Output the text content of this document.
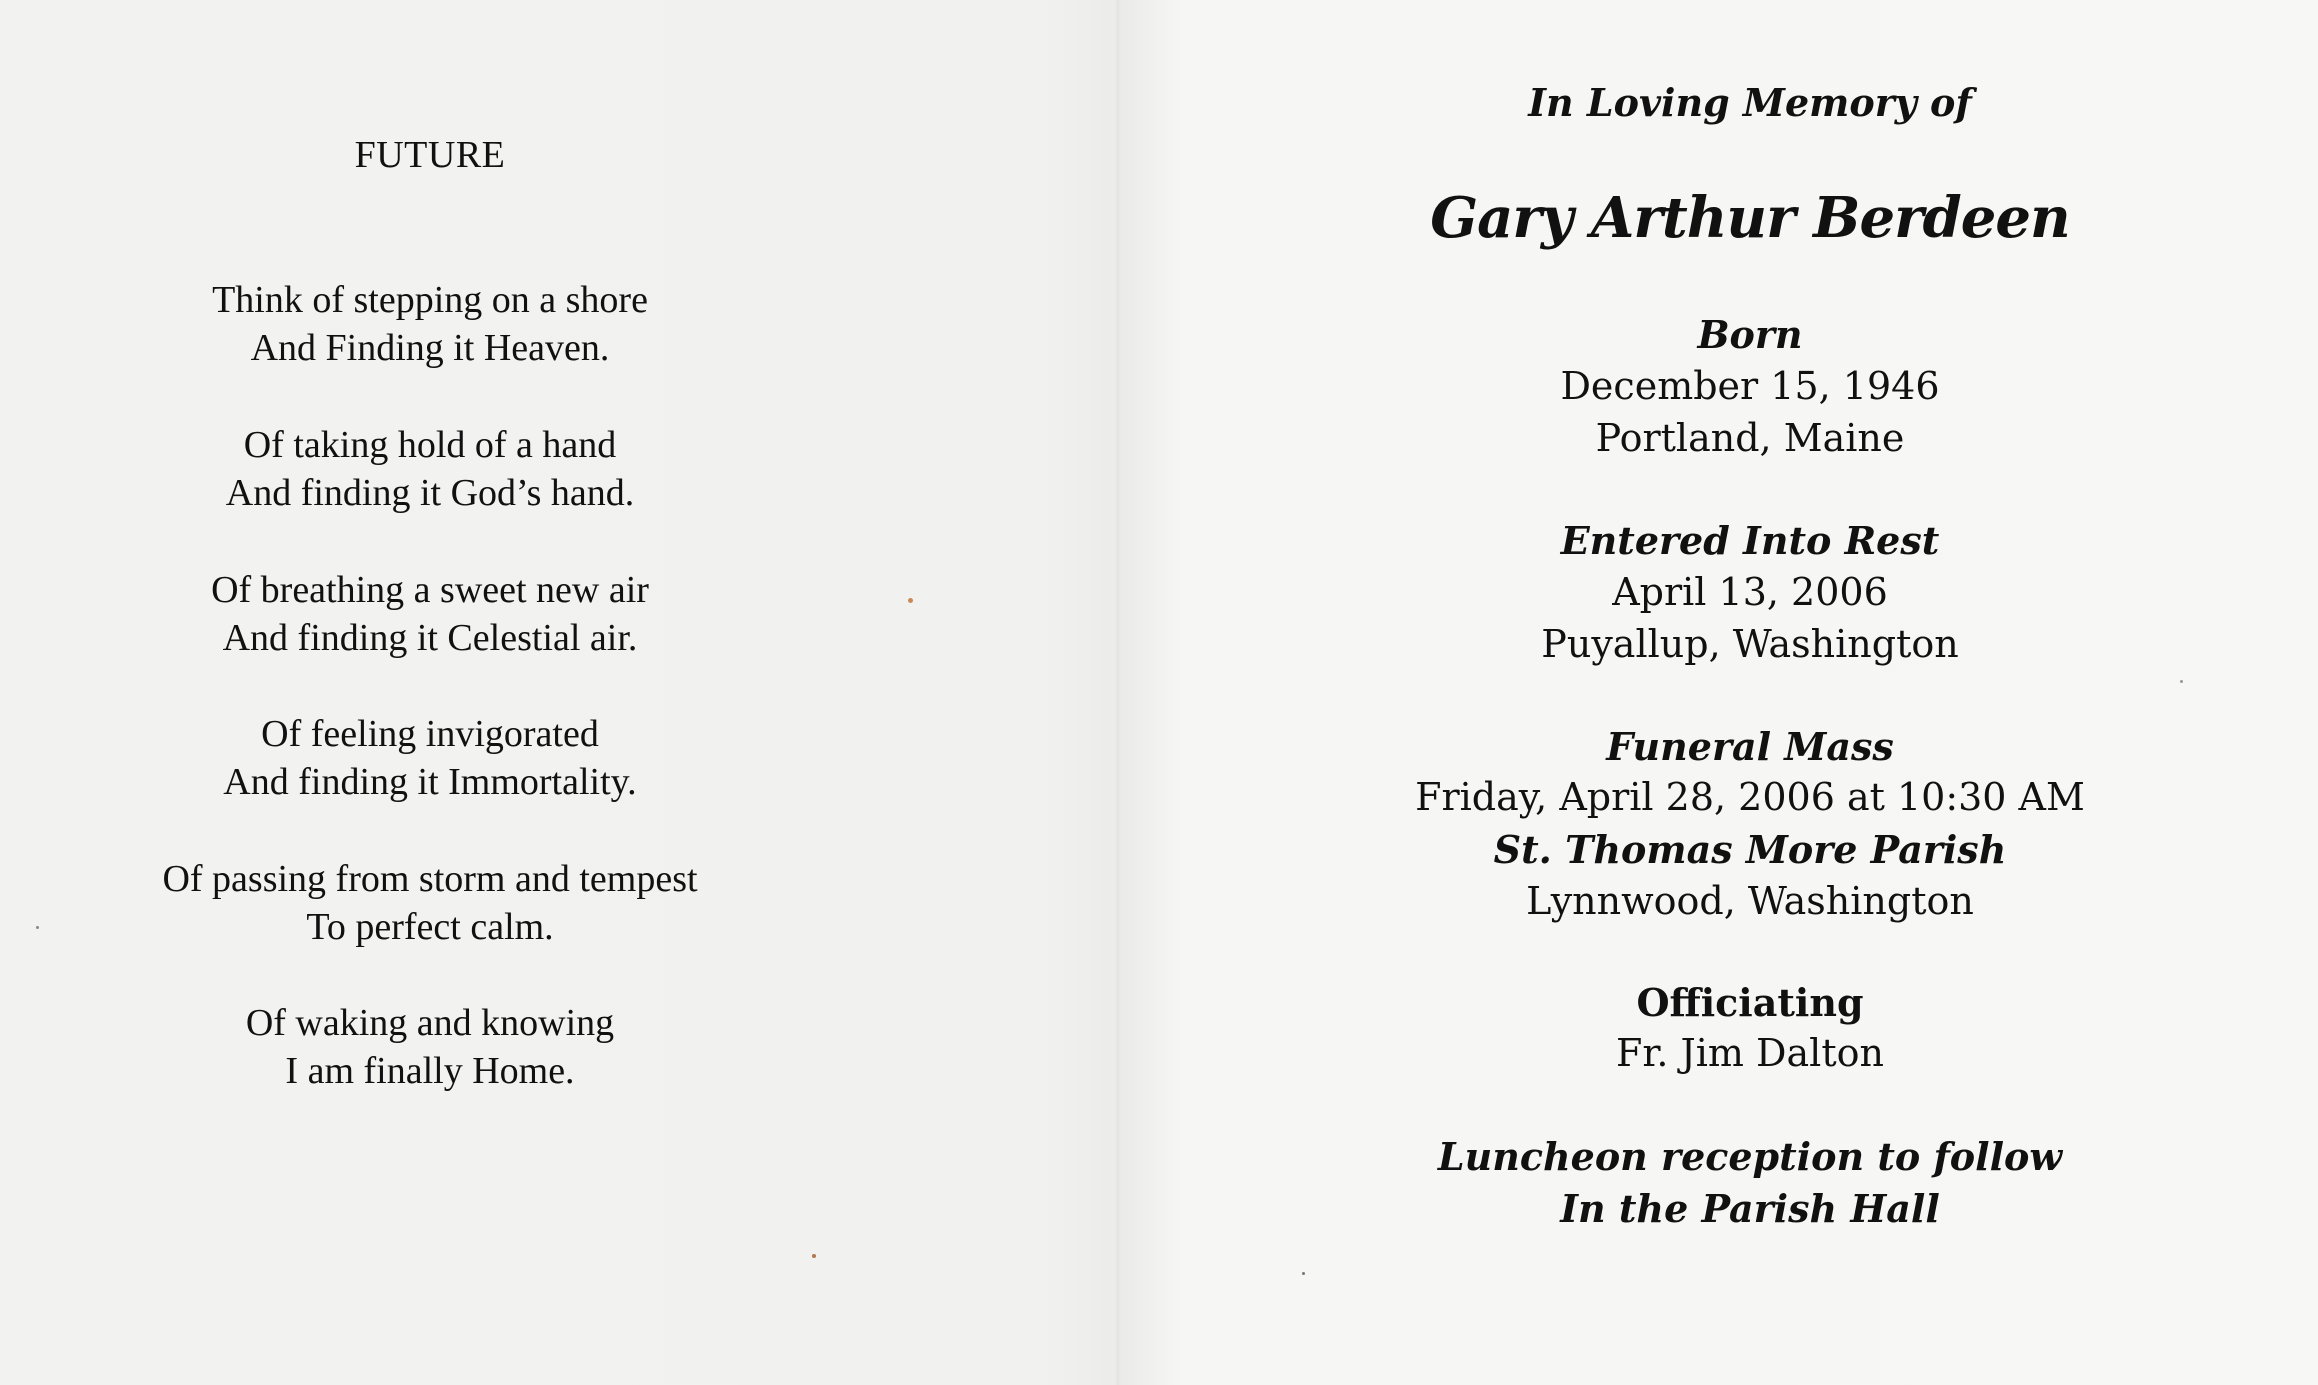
FUTURE
Think of stepping on a shore
And Finding it Heaven.
Of taking hold of a hand
And finding it God’s hand.
Of breathing a sweet new air
And finding it Celestial air.
Of feeling invigorated
And finding it Immortality.
Of passing from storm and tempest
To perfect calm.
Of waking and knowing
I am finally Home.
In Loving Memory of
Gary Arthur Berdeen
Born
December 15, 1946
Portland, Maine
Entered Into Rest
April 13, 2006
Puyallup, Washington
Funeral Mass
Friday, April 28, 2006 at 10:30 AM
St. Thomas More Parish
Lynnwood, Washington
Officiating
Fr. Jim Dalton
Luncheon reception to follow
In the Parish Hall
